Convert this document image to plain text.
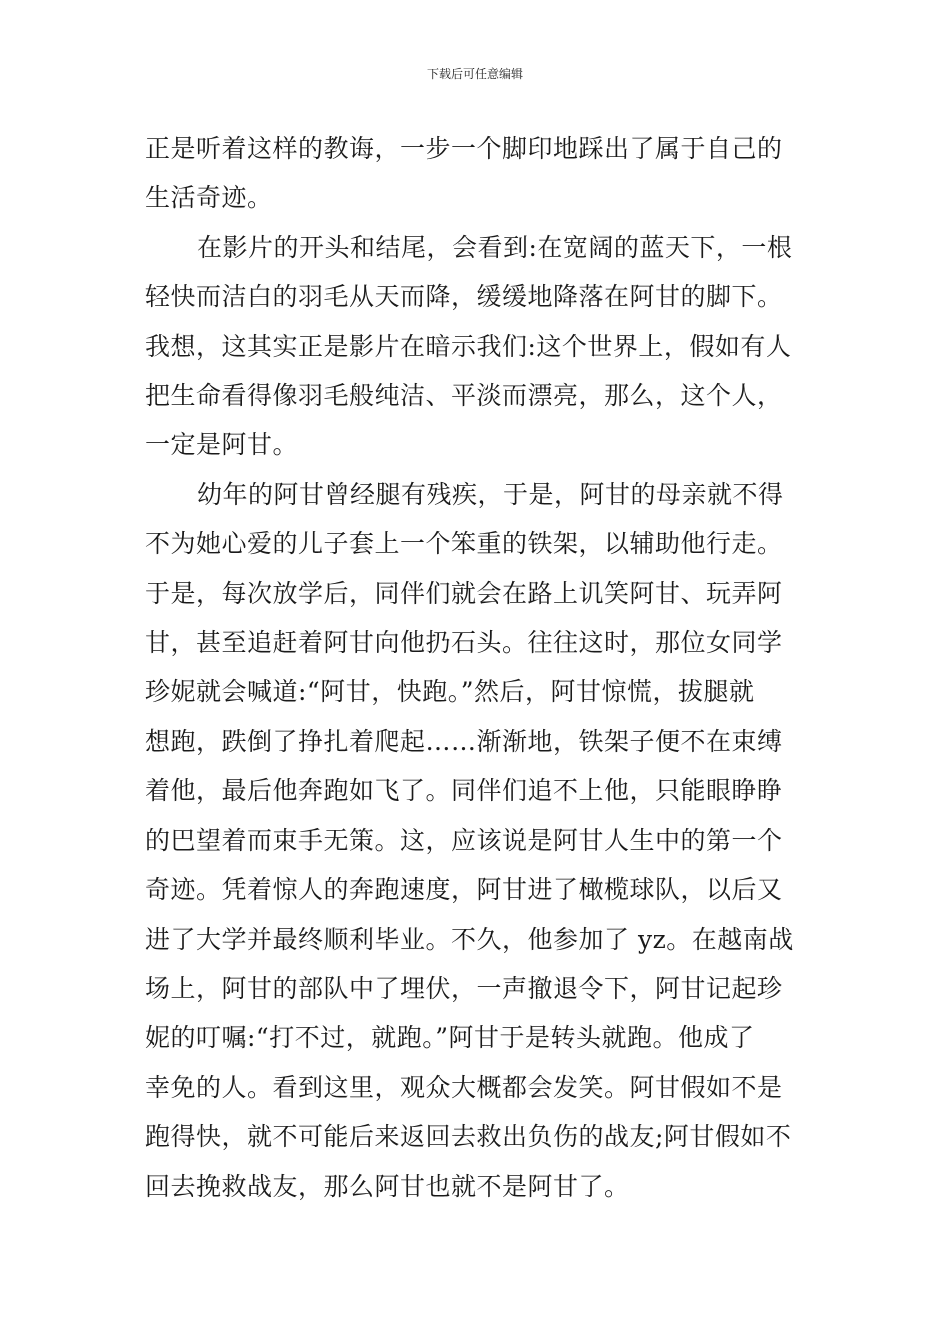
下载后可任意编辑

正是听着这样的教诲，一步一个脚印地踩出了属于自己的
生活奇迹。

在影片的开头和结尾，会看到:在宽阔的蓝天下，一根
轻快而洁白的羽毛从天而降，缓缓地降落在阿甘的脚下。
我想，这其实正是影片在暗示我们:这个世界上，假如有人
把生命看得像羽毛般纯洁、平淡而漂亮，那么，这个人，
一定是阿甘。

幼年的阿甘曾经腿有残疾，于是，阿甘的母亲就不得
不为她心爱的儿子套上一个笨重的铁架，以辅助他行走。
于是，每次放学后，同伴们就会在路上讥笑阿甘、玩弄阿
甘，甚至追赶着阿甘向他扔石头。往往这时，那位女同学
珍妮就会喊道:“阿甘，快跑。”然后，阿甘惊慌，拔腿就
想跑，跌倒了挣扎着爬起……渐渐地，铁架子便不在束缚
着他，最后他奔跑如飞了。同伴们追不上他，只能眼睁睁
的巴望着而束手无策。这，应该说是阿甘人生中的第一个
奇迹。凭着惊人的奔跑速度，阿甘进了橄榄球队，以后又
进了大学并最终顺利毕业。不久，他参加了 yz。在越南战
场上，阿甘的部队中了埋伏，一声撤退令下，阿甘记起珍
妮的叮嘱:“打不过，就跑。”阿甘于是转头就跑。他成了
幸免的人。看到这里，观众大概都会发笑。阿甘假如不是
跑得快，就不可能后来返回去救出负伤的战友;阿甘假如不
回去挽救战友，那么阿甘也就不是阿甘了。
